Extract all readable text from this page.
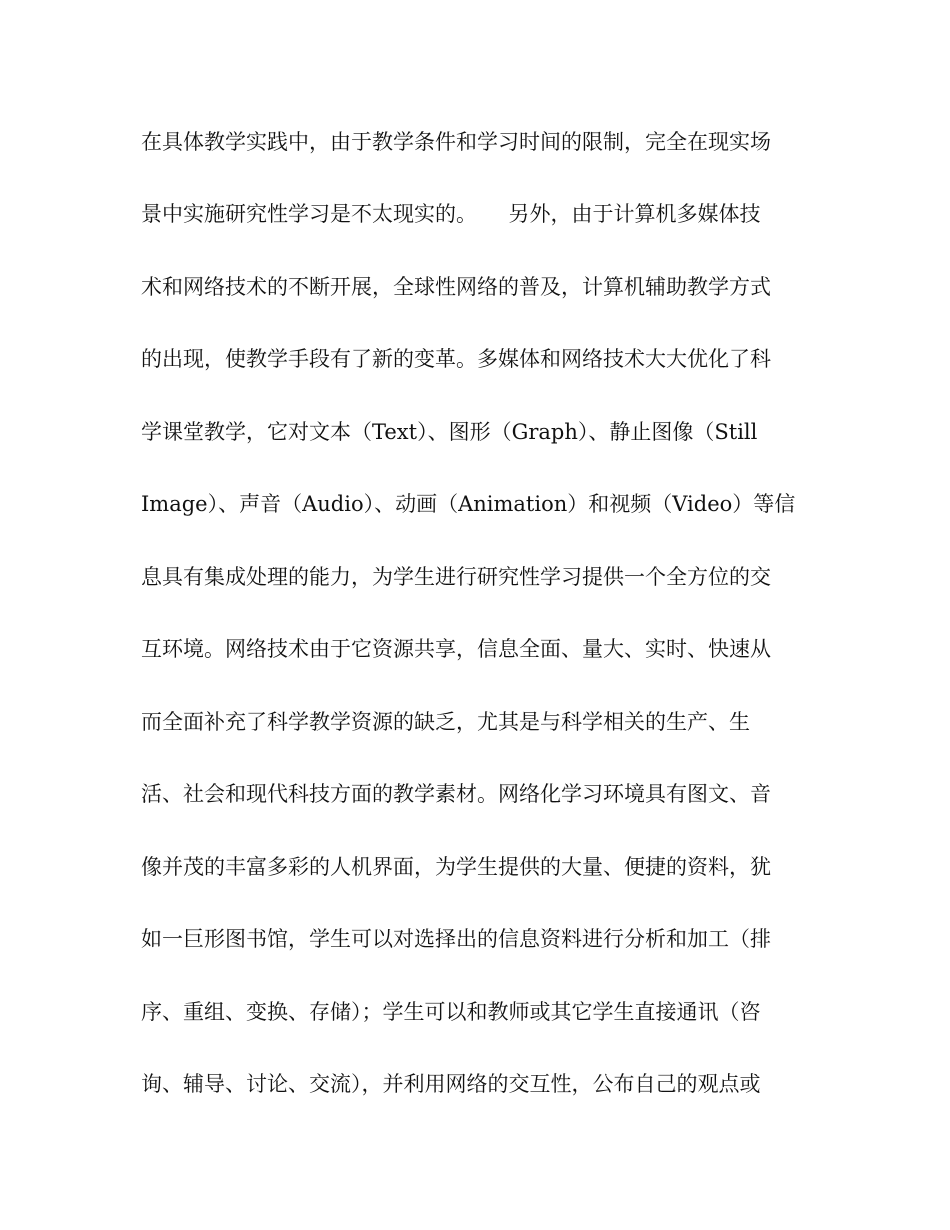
在具体教学实践中，由于教学条件和学习时间的限制，完全在现实场
景中实施研究性学习是不太现实的。　　另外，由于计算机多媒体技
术和网络技术的不断开展，全球性网络的普及，计算机辅助教学方式
的出现，使教学手段有了新的变革。多媒体和网络技术大大优化了科
学课堂教学，它对文本（Text）、图形（Graph）、静止图像（Still
Image）、声音（Audio）、动画（Animation）和视频（Video）等信
息具有集成处理的能力，为学生进行研究性学习提供一个全方位的交
互环境。网络技术由于它资源共享，信息全面、量大、实时、快速从
而全面补充了科学教学资源的缺乏，尤其是与科学相关的生产、生
活、社会和现代科技方面的教学素材。网络化学习环境具有图文、音
像并茂的丰富多彩的人机界面，为学生提供的大量、便捷的资料，犹
如一巨形图书馆，学生可以对选择出的信息资料进行分析和加工（排
序、重组、变换、存储）；学生可以和教师或其它学生直接通讯（咨
询、辅导、讨论、交流），并利用网络的交互性，公布自己的观点或
